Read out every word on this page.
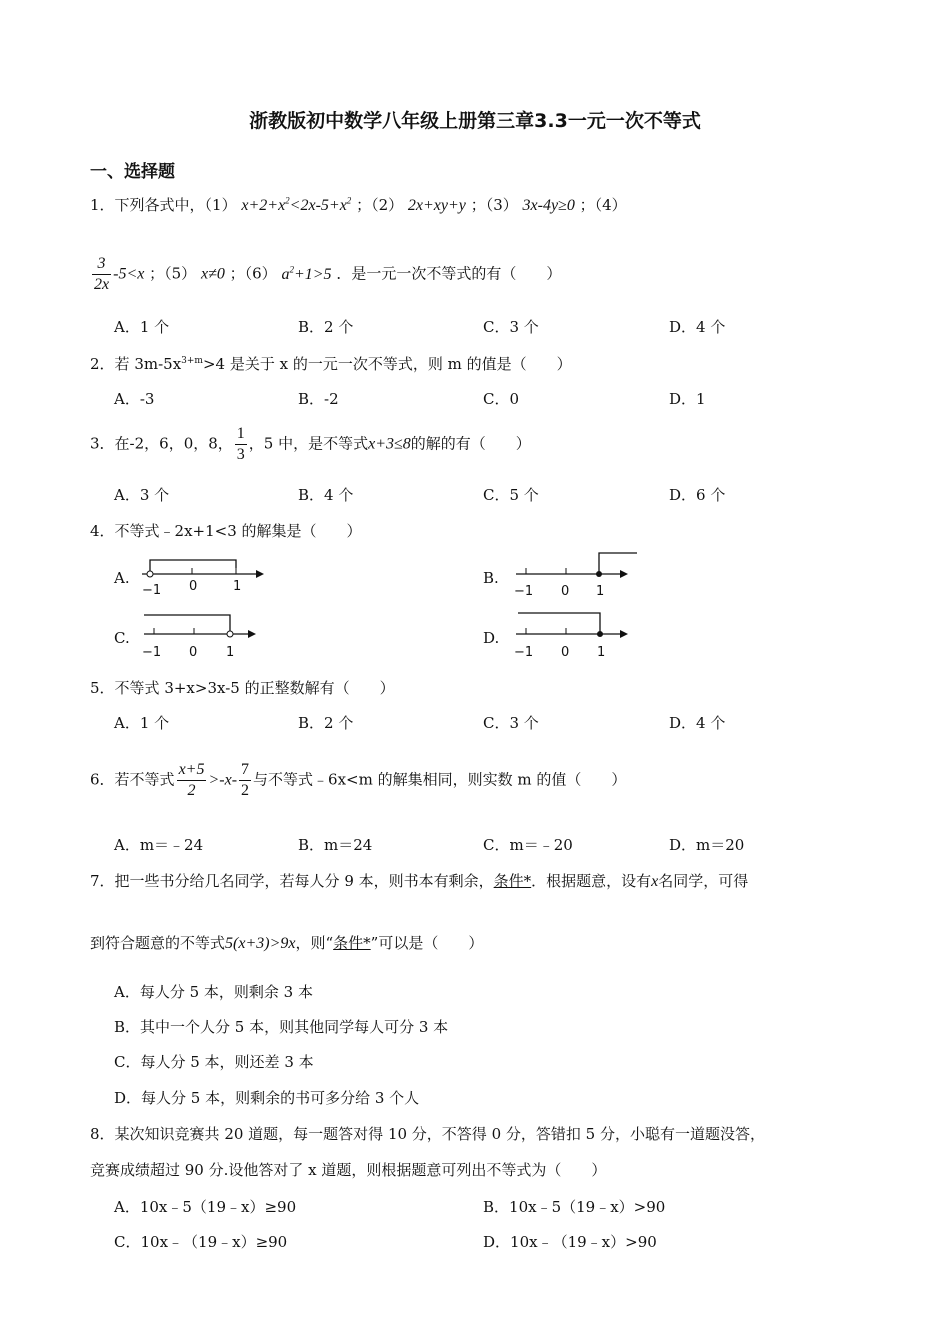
浙教版初中数学八年级上册第三章3.3一元一次不等式
一、选择题
1．下列各式中，（1） $x+2+x^2<2x-5+x^2$ ；（2） 2x+xy+y ；（3） 3x-4y≥0 ；（4）
$\frac{3}{2x} -5<x$ ；（5） x≠0 ；（6） $a^2+1>5$ ．是一元一次不等式的有（　　）
A．1 个	B．2 个	C．3 个	D．4 个
2．若 $3m-5x^{3+m}>4$ 是关于 x 的一元一次不等式，则 m 的值是（　　）
A．-3	B．-2	C．0	D．1
3．在-2，6，0，8， $\frac{1}{3}$ ，5 中，是不等式x+3≤8的解的有（　　）
A．3 个	B．4 个	C．5 个	D．6 个
4．不等式﹣2x+1<3 的解集是（　　）
A.
−1 0	1	B.
−1 0 1
C.
−1 0 1
D.
−1 0 1
5．不等式 3+x>3x-5 的正整数解有（　　）
A．1 个	B．2 个	C．3 个	D．4 个
6．若不等式 $\frac{x+5}{2} >-x- \frac{7}{2}$ 与不等式﹣6x<m 的解集相同，则实数 m 的值（　　）
A．m＝﹣24	B．m＝24	C．m＝﹣20	D．m＝20
7．把一些书分给几名同学，若每人分 9 本，则书本有剩余，条件*．根据题意，设有x名同学，可得
到符合题意的不等式5(x+3)>9x，则“条件*”可以是（　　）
A．每人分 5 本，则剩余 3 本
B．其中一个人分 5 本，则其他同学每人可分 3 本
C．每人分 5 本，则还差 3 本
D．每人分 5 本，则剩余的书可多分给 3 个人
8．某次知识竞赛共 20 道题，每一题答对得 10 分，不答得 0 分，答错扣 5 分，小聪有一道题没答，
竞赛成绩超过 90 分.设他答对了 x 道题，则根据题意可列出不等式为（　　）
A．10x﹣5（19﹣x）≥90	B．10x﹣5（19﹣x）>90
C．10x﹣（19﹣x）≥90	D．10x﹣（19﹣x）>90
